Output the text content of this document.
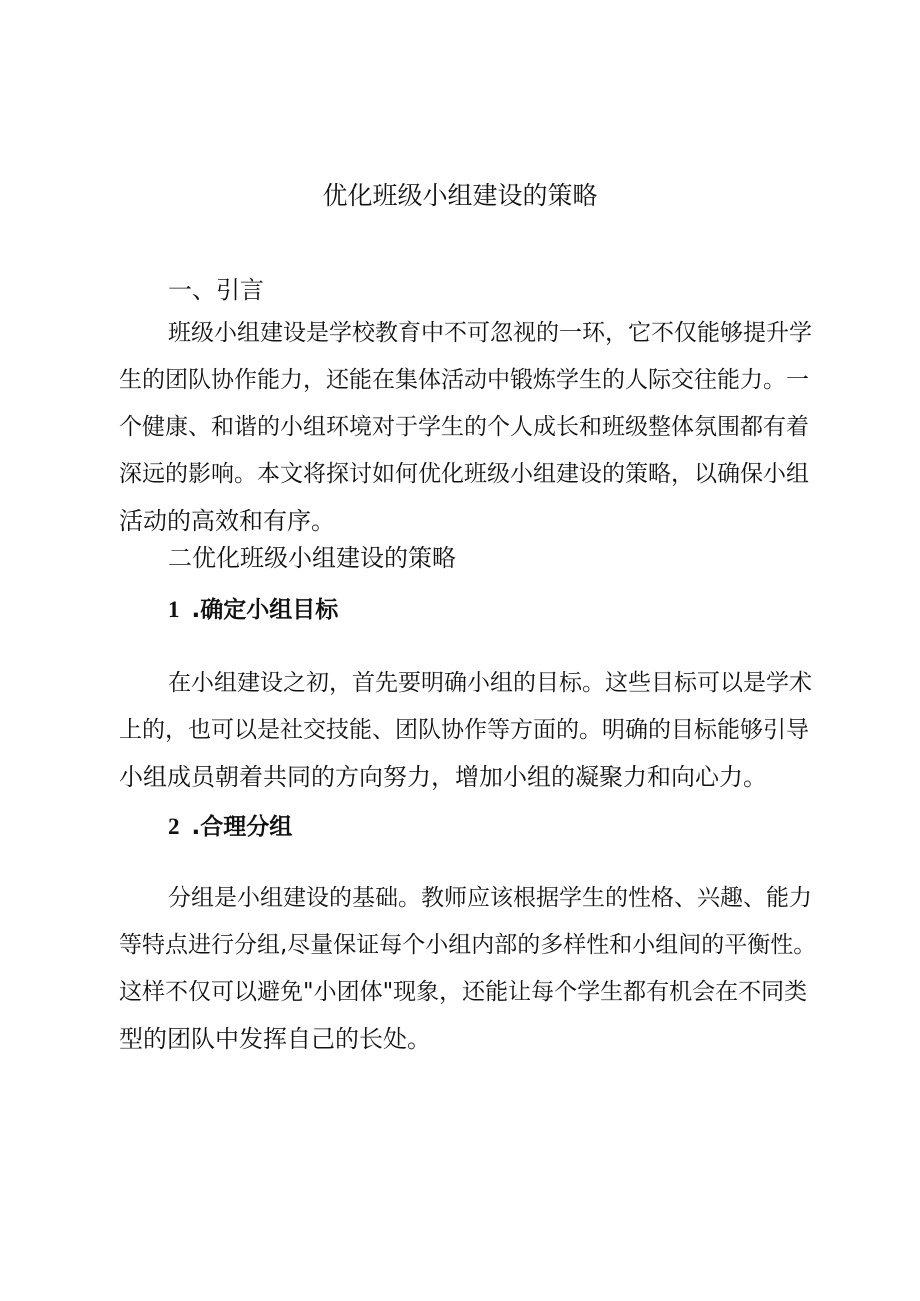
优化班级小组建设的策略
一、引言
班级小组建设是学校教育中不可忽视的一环，它不仅能够提升学
生的团队协作能力，还能在集体活动中锻炼学生的人际交往能力。一
个健康、和谐的小组环境对于学生的个人成长和班级整体氛围都有着
深远的影响。本文将探讨如何优化班级小组建设的策略，以确保小组
活动的高效和有序。
二优化班级小组建设的策略
1 .确定小组目标
在小组建设之初，首先要明确小组的目标。这些目标可以是学术
上的，也可以是社交技能、团队协作等方面的。明确的目标能够引导
小组成员朝着共同的方向努力，增加小组的凝聚力和向心力。
2 .合理分组
分组是小组建设的基础。教师应该根据学生的性格、兴趣、能力
等特点进行分组,尽量保证每个小组内部的多样性和小组间的平衡性。
这样不仅可以避免"小团体"现象，还能让每个学生都有机会在不同类
型的团队中发挥自己的长处。
